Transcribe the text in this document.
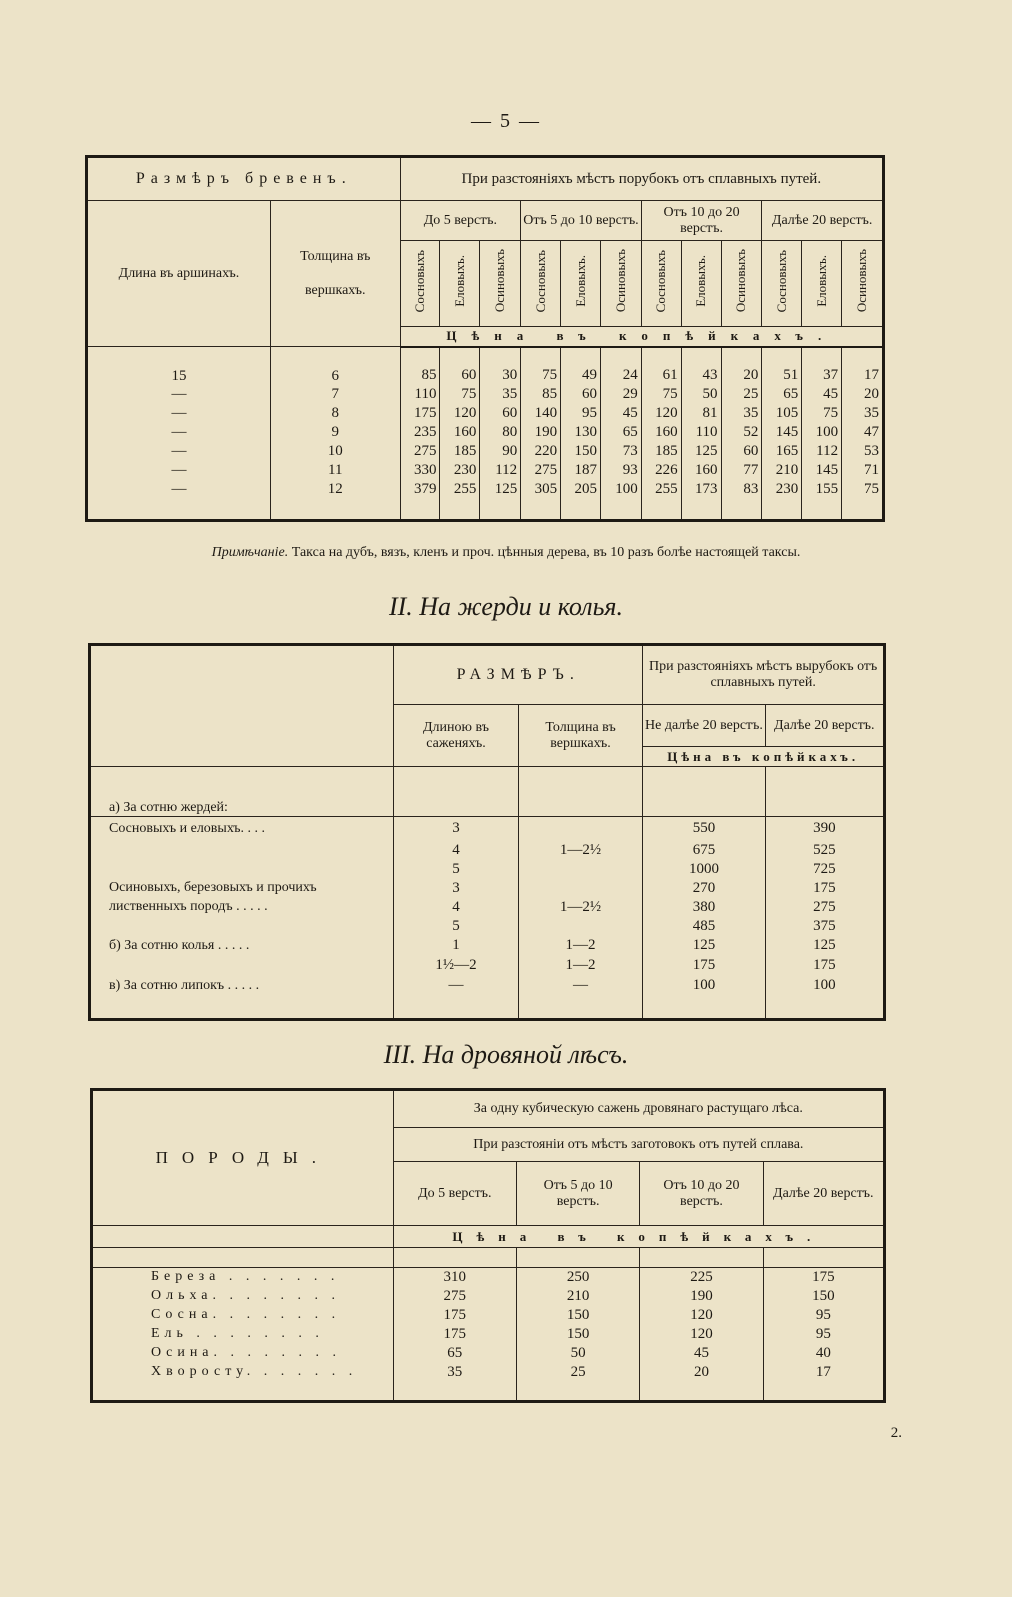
— 5 —
Размѣръ бревенъ.		При разстояніяхъ мѣстъ порубокъ отъ сплавныхъ путей.											
Длина въ аршинахъ.	Толщина въ вершкахъ.	До 5 верстъ.			Отъ 5 до 10 верстъ.			Отъ 10 до 20 верстъ.			Далѣе 20 верстъ.		
		Сосновыхъ	Еловыхъ.	Осиновыхъ	Сосновыхъ	Еловыхъ.	Осиновыхъ	Сосновыхъ	Еловыхъ.	Осиновыхъ	Сосновыхъ	Еловыхъ.	Осиновыхъ
		Цѣна въ копѣйкахъ.											
15	6	85	60	30	75	49	24	61	43	20	51	37	17
—	7	110	75	35	85	60	29	75	50	25	65	45	20
—	8	175	120	60	140	95	45	120	81	35	105	75	35
—	9	235	160	80	190	130	65	160	110	52	145	100	47
—	10	275	185	90	220	150	73	185	125	60	165	112	53
—	11	330	230	112	275	187	93	226	160	77	210	145	71
—	12	379	255	125	305	205	100	255	173	83	230	155	75

Примѣчаніе. Такса на дубъ, вязъ, кленъ и проч. цѣнныя дерева, въ 10 разъ болѣе настоящей таксы.
II. На жерди и колья.
	РАЗМѢРЪ.		При разстояніяхъ мѣстъ вырубокъ отъ сплавныхъ путей.	
	Длиною въ саженяхъ.	Толщина въ вершкахъ.	Не далѣе 20 верстъ.	Далѣе 20 верстъ.
			Цѣна въ копѣйкахъ.	
а) За сотню жердей:				
Сосновыхъ и еловыхъ. . . .	3		550	390
	4	1—2½	675	525
	5		1000	725
Осиновыхъ, березовыхъ и прочихъ	3		270	175
лиственныхъ породъ . . . . .	4	1—2½	380	275
	5		485	375
б) За сотню колья . . . . .	1	1—2	125	125
	1½—2	1—2	175	175
в) За сотню липокъ . . . . .	—	—	100	100

III. На дровяной лѣсъ.
ПОРОДЫ.	За одну кубическую сажень дровянаго растущаго лѣса.			
	При разстояніи отъ мѣстъ заготовокъ отъ путей сплава.			
	До 5 верстъ.	Отъ 5 до 10 верстъ.	Отъ 10 до 20 верстъ.	Далѣе 20 верстъ.
	Цѣна въ копѣйкахъ.			

Береза . . . . . . .	310	250	225	175
Ольха. . . . . . . .	275	210	190	150
Сосна. . . . . . . .	175	150	120	95
Ель . . . . . . . .	175	150	120	95
Осина. . . . . . . .	65	50	45	40
Хворосту. . . . . . .	35	25	20	17

2.
